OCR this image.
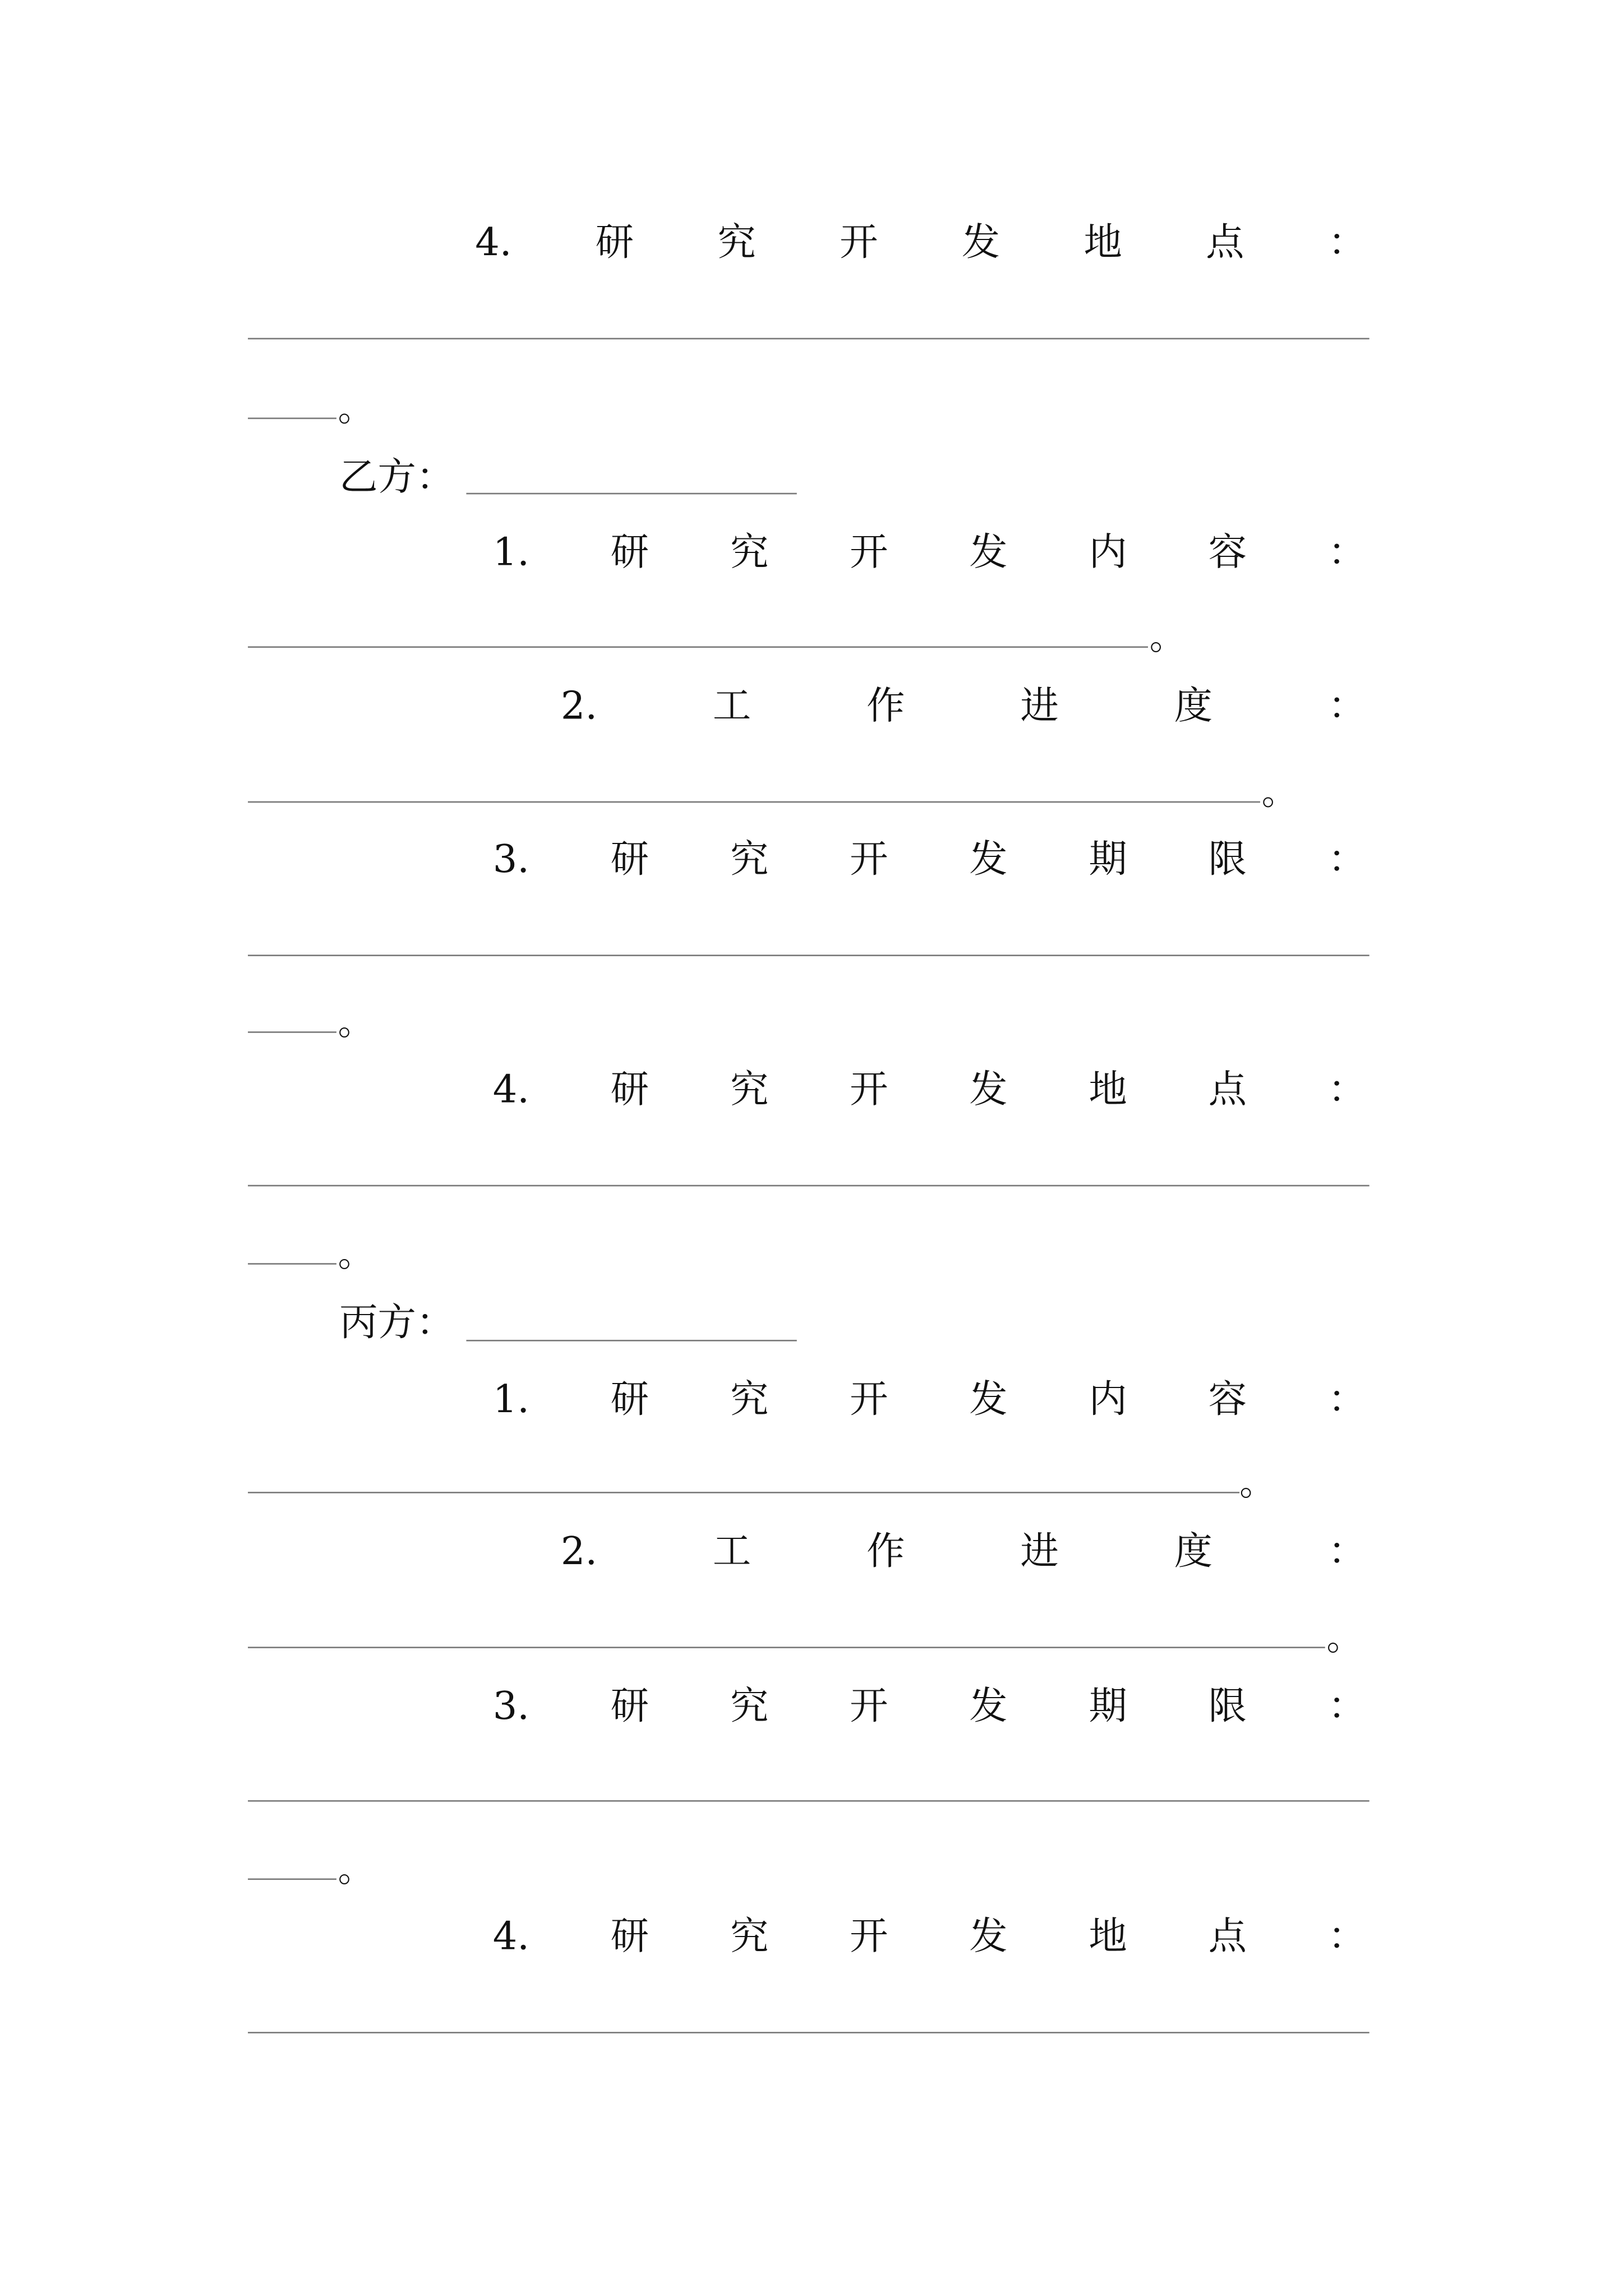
4.	研	究	开	发	地	点	：
。
乙方：
1.	研	究	开	发	内	容	：
。
2.	工	作	进	度	：
。
3.	研	究	开	发	期	限	：
。
4.	研	究	开	发	地	点	：
。
丙方：
1.	研	究	开	发	内	容	：
。
2.	工	作	进	度	：
。
3.	研	究	开	发	期	限	：
。
4.	研	究	开	发	地	点	：
